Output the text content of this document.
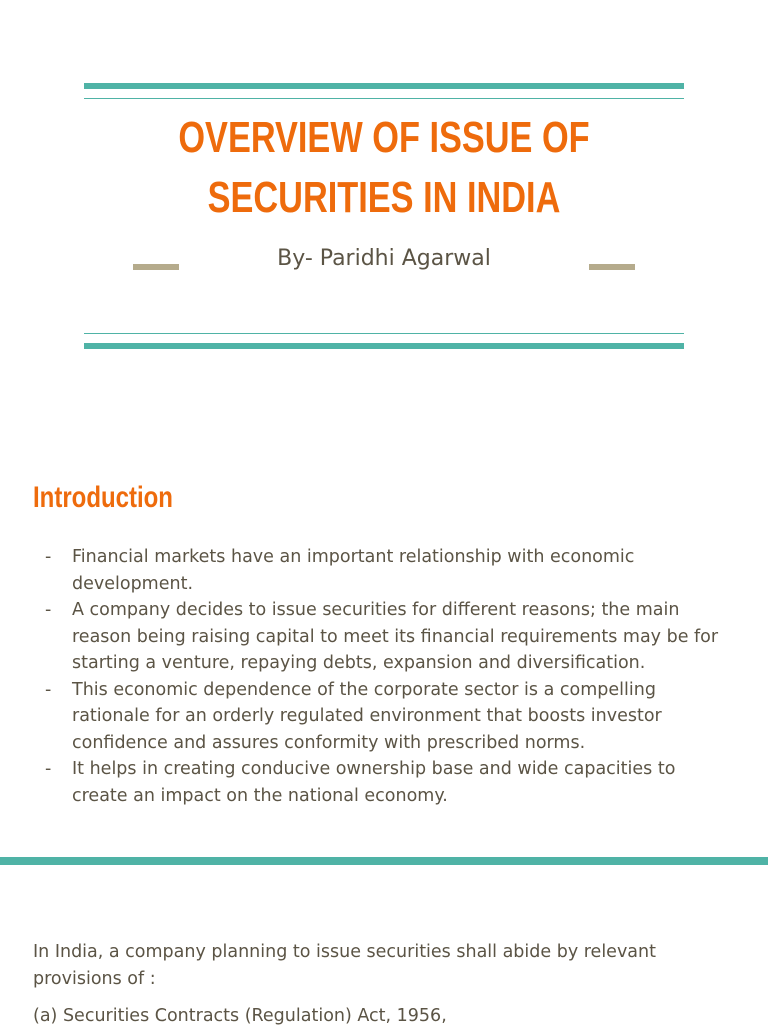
OVERVIEW OF ISSUE OF
SECURITIES IN INDIA
By- Paridhi Agarwal
Introduction
- Financial markets have an important relationship with economic development.
- A company decides to issue securities for different reasons; the main reason being raising capital to meet its financial requirements may be for starting a venture, repaying debts, expansion and diversification.
- This economic dependence of the corporate sector is a compelling rationale for an orderly regulated environment that boosts investor confidence and assures conformity with prescribed norms.
- It helps in creating conducive ownership base and wide capacities to create an impact on the national economy.

In India, a company planning to issue securities shall abide by relevant provisions of :

(a) Securities Contracts (Regulation) Act, 1956,
